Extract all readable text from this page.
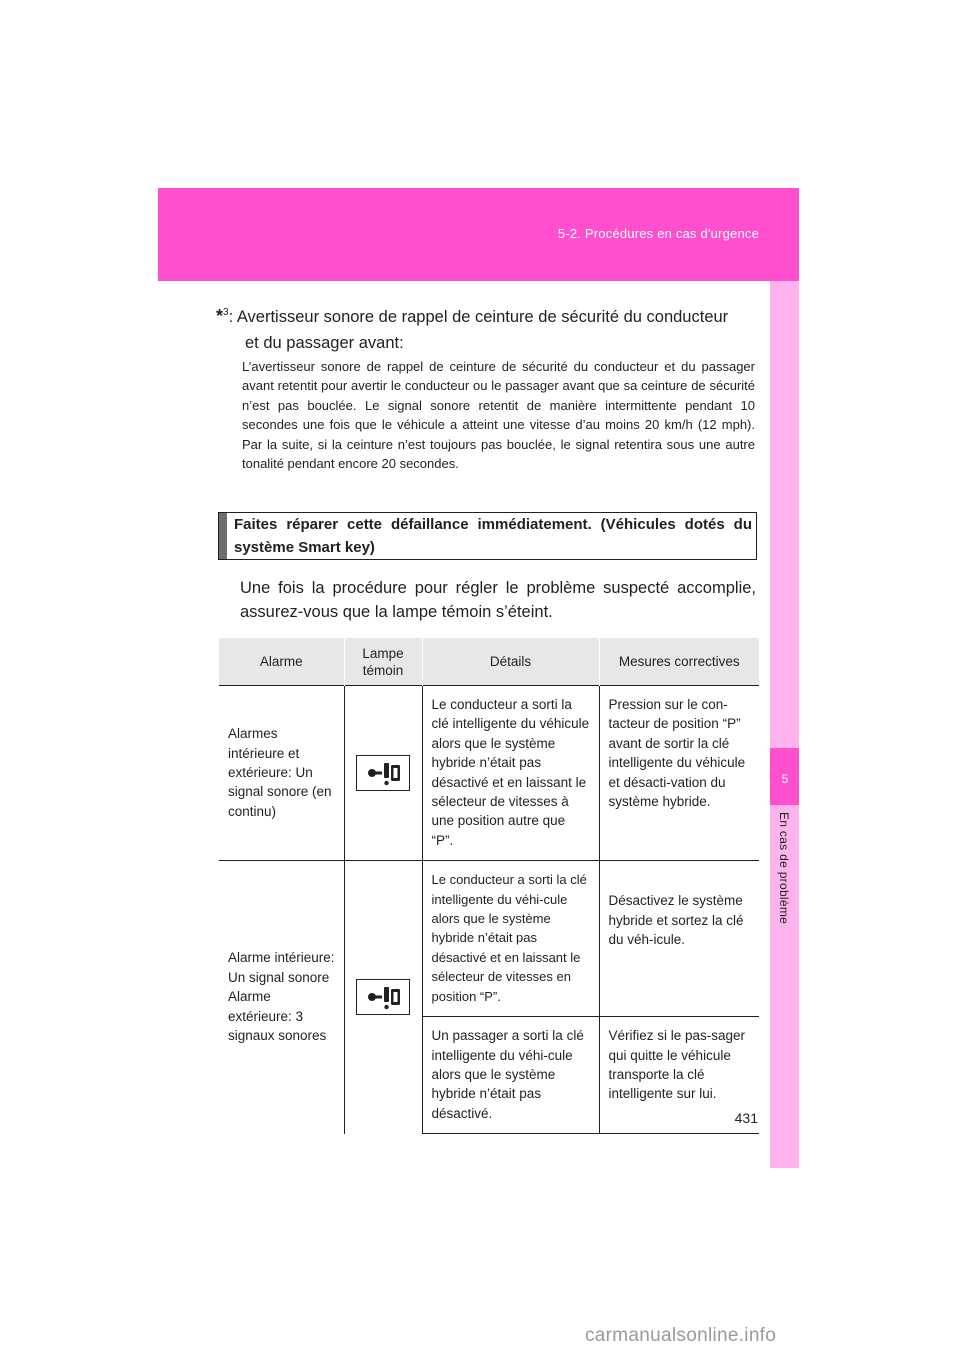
5-2. Procédures en cas d'urgence
5
En cas de problème
*$^3$: Avertisseur sonore de rappel de ceinture de sécurité du conducteur
et du passager avant:
L’avertisseur sonore de rappel de ceinture de sécurité du conducteur et du passager avant retentit pour avertir le conducteur ou le passager avant que sa ceinture de sécurité n’est pas bouclée. Le signal sonore retentit de manière intermittente pendant 10 secondes une fois que le véhicule a atteint une vitesse d’au moins 20 km/h (12 mph). Par la suite, si la ceinture n’est toujours pas bouclée, le signal retentira sous une autre tonalité pendant encore 20 secondes.
Faites réparer cette défaillance immédiatement. (Véhicules dotés du système Smart key)
Une fois la procédure pour régler le problème suspecté accomplie, assurez-vous que la lampe témoin s’éteint.
Alarme	Lampe témoin	Détails	Mesures correctives
Alarmes intérieure et extérieure: Un signal sonore (en continu)		Le conducteur a sorti la clé intelligente du véhicule alors que le système hybride n’était pas désactivé et en laissant le sélecteur de vitesses à une position autre que “P”.	Pression sur le con-tacteur de position “P” avant de sortir la clé intelligente du véhicule et désacti-vation du système hybride.
Alarme intérieure: Un signal sonore Alarme extérieure: 3 signaux sonores		Le conducteur a sorti la clé intelligente du véhi-cule alors que le système hybride n’était pas désactivé et en laissant le sélecteur de vitesses en position “P”.	Désactivez le système hybride et sortez la clé du véh-icule.
		Un passager a sorti la clé intelligente du véhi-cule alors que le système hybride n’était pas désactivé.	Vérifiez si le pas-sager qui quitte le véhicule transporte la clé intelligente sur lui.
431
carmanualsonline.info
